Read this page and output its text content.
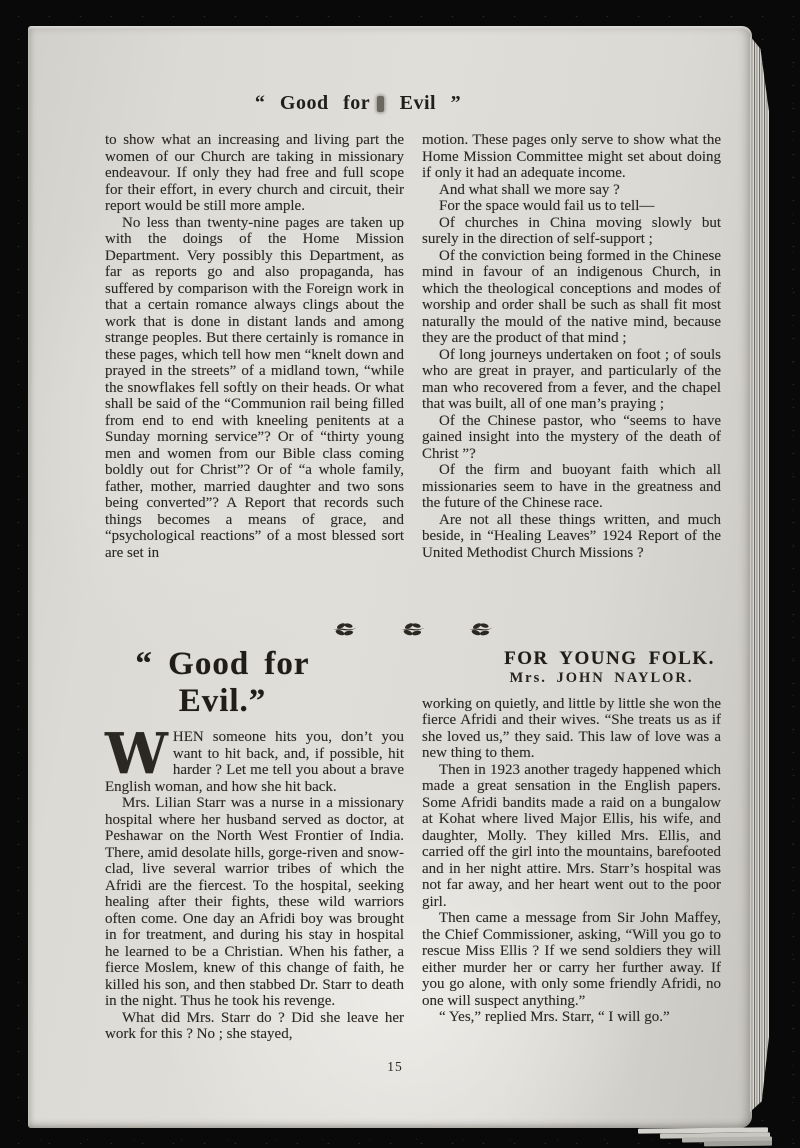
“ Good for Evil ”

to show what an increasing and living part the women of our Church are taking in missionary endeavour. If only they had free and full scope for their effort, in every church and circuit, their report would be still more ample.

No less than twenty-nine pages are taken up with the doings of the Home Mission Department. Very possibly this Department, as far as reports go and also propaganda, has suffered by comparison with the Foreign work in that a certain romance always clings about the work that is done in distant lands and among strange peoples. But there certainly is romance in these pages, which tell how men “knelt down and prayed in the streets” of a midland town, “while the snowflakes fell softly on their heads. Or what shall be said of the “Communion rail being filled from end to end with kneeling penitents at a Sunday morning service”? Or of “thirty young men and women from our Bible class coming boldly out for Christ”? Or of “a whole family, father, mother, married daughter and two sons being converted”? A Report that records such things becomes a means of grace, and “psychological reactions” of a most blessed sort are set in

motion. These pages only serve to show what the Home Mission Committee might set about doing if only it had an adequate income.

And what shall we more say ?

For the space would fail us to tell—

Of churches in China moving slowly but surely in the direction of self-support ;

Of the conviction being formed in the Chinese mind in favour of an indigenous Church, in which the theological conceptions and modes of worship and order shall be such as shall fit most naturally the mould of the native mind, because they are the product of that mind ;

Of long journeys undertaken on foot ; of souls who are great in prayer, and particularly of the man who recovered from a fever, and the chapel that was built, all of one man’s praying ;

Of the Chinese pastor, who “seems to have gained insight into the mystery of the death of Christ ”?

Of the firm and buoyant faith which all missionaries seem to have in the greatness and the future of the Chinese race.

Are not all these things written, and much beside, in “Healing Leaves” 1924 Report of the United Methodist Church Missions ?

“ Good for Evil.”

WHEN someone hits you, don’t you want to hit back, and, if possible, hit harder ? Let me tell you about a brave English woman, and how she hit back.

Mrs. Lilian Starr was a nurse in a missionary hospital where her husband served as doctor, at Peshawar on the North West Frontier of India. There, amid desolate hills, gorge-riven and snow-clad, live several warrior tribes of which the Afridi are the fiercest. To the hospital, seeking healing after their fights, these wild warriors often come. One day an Afridi boy was brought in for treatment, and during his stay in hospital he learned to be a Christian. When his father, a fierce Moslem, knew of this change of faith, he killed his son, and then stabbed Dr. Starr to death in the night. Thus he took his revenge.

What did Mrs. Starr do ? Did she leave her work for this ? No ; she stayed,

FOR YOUNG FOLK.
Mrs. JOHN NAYLOR.

working on quietly, and little by little she won the fierce Afridi and their wives. “She treats us as if she loved us,” they said. This law of love was a new thing to them.

Then in 1923 another tragedy happened which made a great sensation in the English papers. Some Afridi bandits made a raid on a bungalow at Kohat where lived Major Ellis, his wife, and daughter, Molly. They killed Mrs. Ellis, and carried off the girl into the mountains, barefooted and in her night attire. Mrs. Starr’s hospital was not far away, and her heart went out to the poor girl.

Then came a message from Sir John Maffey, the Chief Commissioner, asking, “Will you go to rescue Miss Ellis ? If we send soldiers they will either murder her or carry her further away. If you go alone, with only some friendly Afridi, no one will suspect anything.”

“ Yes,” replied Mrs. Starr, “ I will go.”

15
